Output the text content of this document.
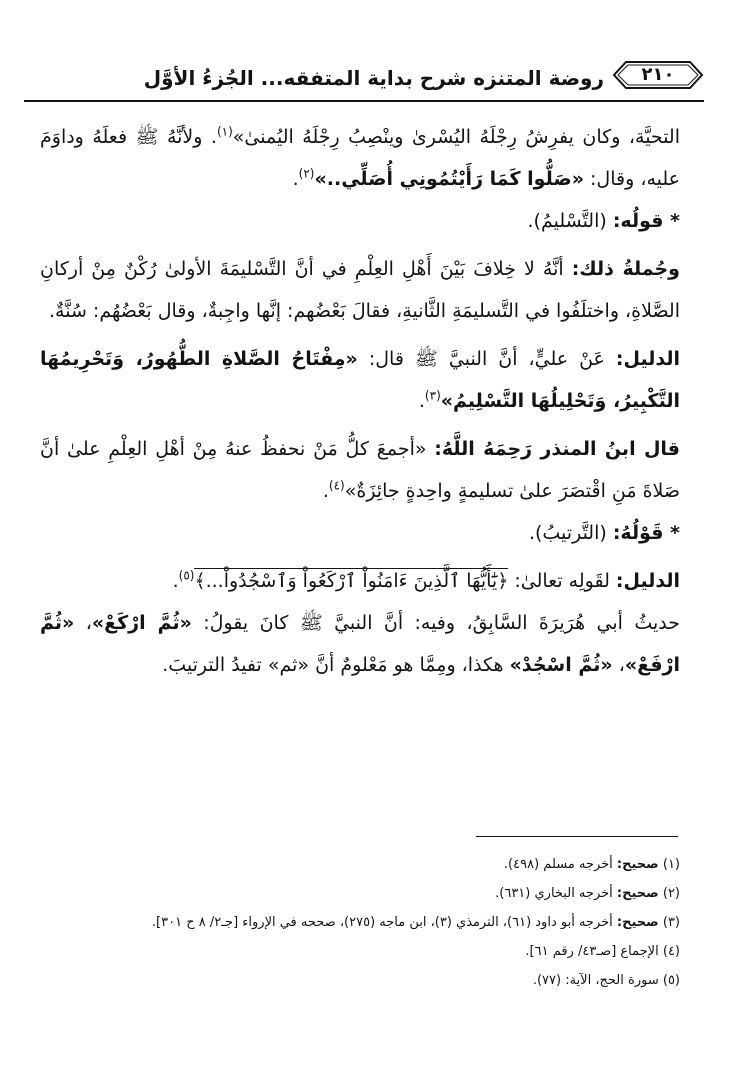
روضة المتنزه شرح بداية المتفقه... الجُزءُ الأوَّل	٢١٠

التحيَّة، وكان يفرِشُ رِجْلَهُ اليُسْرىٰ وينْصِبُ رِجْلَهُ اليُمنىٰ»$^{(١)}$. ولأنَّهُ ﷺ فعلَهُ وداوَمَ عليه، وقال: «صَلُّوا كَمَا رَأَيْتُمُونِي أُصَلِّي..»$^{(٢)}$.

* قولُه: (التَّسْليمُ).

وجُملةُ ذلك: أنَّهُ لا خِلافَ بَيْنَ أَهْلِ العِلْمِ في أنَّ التَّسْليمَةَ الأولىٰ رُكْنٌ مِنْ أركانِ الصَّلاةِ، واختلَفُوا في التَّسليمَةِ الثَّانيةِ، فقالَ بَعْضُهم: إنَّها واجِبةٌ، وقال بَعْضُهُم: سُنَّةٌ.

الدليل: عَنْ عليٍّ، أنَّ النبيَّ ﷺ قال: «مِفْتَاحُ الصَّلاةِ الطُّهُورُ، وَتَحْرِيمُهَا التَّكْبِيرُ، وَتَحْلِيلُهَا التَّسْلِيمُ»$^{(٣)}$.

قال ابنُ المنذر رَحِمَهُ اللَّهُ: «أجمعَ كلُّ مَنْ نحفظُ عنهُ مِنْ أهْلِ العِلْمِ علىٰ أنَّ صَلاةَ مَنِ اقْتصَرَ علىٰ تسليمةٍ واحِدةٍ جائِزَةٌ»$^{(٤)}$.

* قَوْلُهُ: (التَّرتيبُ).

الدليل: لقَولِه تعالىٰ: ﴿يَٰٓأَيُّهَا ٱلَّذِينَ ءَامَنُواْ ٱرْكَعُواْ وَٱسْجُدُواْ...﴾$^{(٥)}$.

حديثُ أبي هُرَيرَةَ السَّابِقُ، وفيه: أنَّ النبيَّ ﷺ كانَ يقولُ: «ثُمَّ ارْكَعْ»، «ثُمَّ ارْفَعْ»، «ثُمَّ اسْجُدْ» هكذا، ومِمَّا هو مَعْلومٌ أنَّ «ثم» تفيدُ الترتيبَ.

(١) صحيح: أخرجه مسلم (٤٩٨).

(٢) صحيح: أخرجه البخاري (٦٣١).

(٣) صحيح: أخرجه أبو داود (٦١)، الترمذي (٣)، ابن ماجه (٢٧٥)، صححه في الإرواء [جـ٢/ ٨ ح ٣٠١].

(٤) الإجماع [صـ٤٣/ رقم ٦١].

(٥) سورة الحج، الآية: (٧٧).
